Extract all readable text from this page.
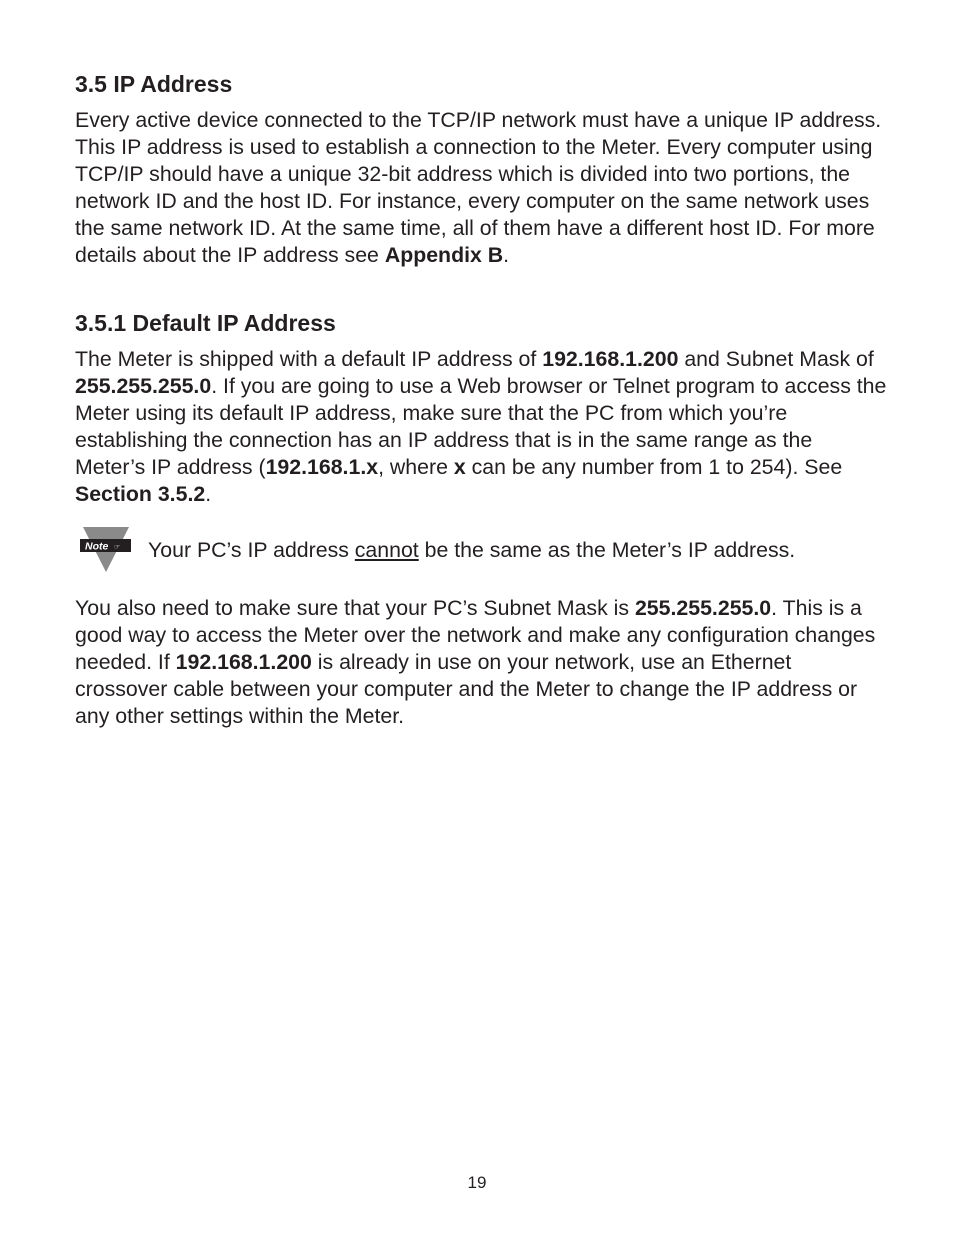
3.5 IP Address

Every active device connected to the TCP/IP network must have a unique IP address. This IP address is used to establish a connection to the Meter. Every computer using TCP/IP should have a unique 32-bit address which is divided into two portions, the network ID and the host ID. For instance, every computer on the same network uses the same network ID. At the same time, all of them have a different host ID. For more details about the IP address see Appendix B.

3.5.1 Default IP Address

The Meter is shipped with a default IP address of 192.168.1.200 and Subnet Mask of 255.255.255.0. If you are going to use a Web browser or Telnet program to access the Meter using its default IP address, make sure that the PC from which you’re establishing the connection has an IP address that is in the same range as the Meter’s IP address (192.168.1.x, where x can be any number from 1 to 254). See Section 3.5.2.

Note ☞ Your PC’s IP address cannot be the same as the Meter’s IP address.

You also need to make sure that your PC’s Subnet Mask is 255.255.255.0. This is a good way to access the Meter over the network and make any configuration changes needed. If 192.168.1.200 is already in use on your network, use an Ethernet crossover cable between your computer and the Meter to change the IP address or any other settings within the Meter.

19
